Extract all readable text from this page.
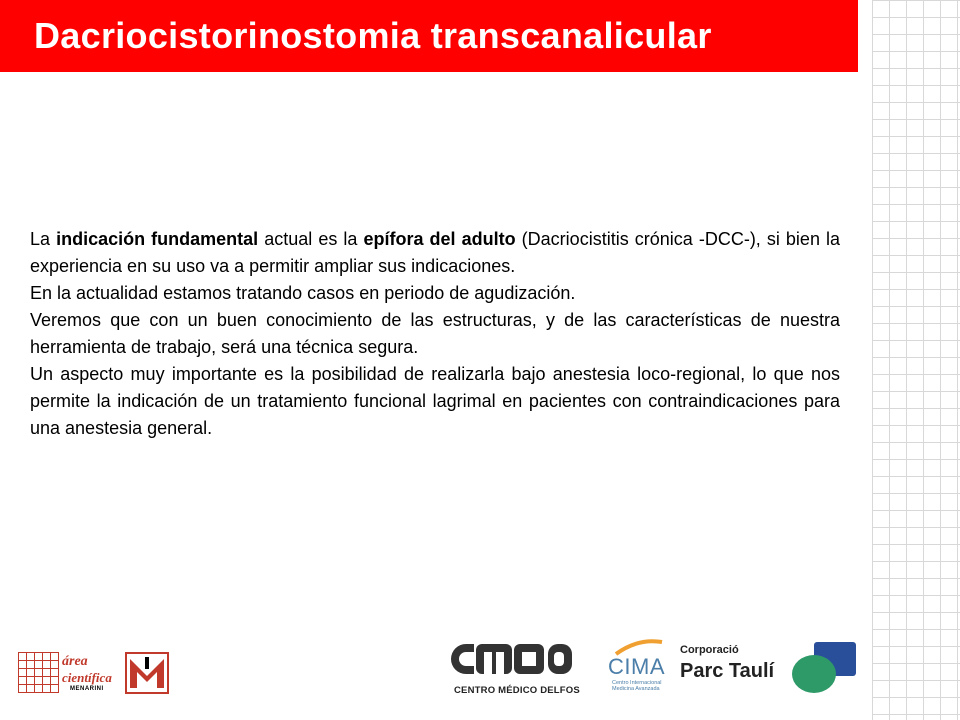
Dacriocistorinostomia transcanalicular

La indicación fundamental actual es la epífora del adulto (Dacriocistitis crónica -DCC-), si bien la experiencia en su uso va a permitir ampliar sus indicaciones.

En la actualidad estamos tratando casos en periodo de agudización.

Veremos que con un buen conocimiento de las estructuras, y de las características de nuestra herramienta de trabajo, será una técnica segura.

Un aspecto muy importante es la posibilidad de realizarla bajo anestesia loco-regional, lo que nos permite la indicación de un tratamiento funcional lagrimal en pacientes con contraindicaciones para una anestesia general.

área
científica
MENARINI	CENTRO MÉDICO DELFOS
CIMA
Centro Internacional
Medicina Avanzada
Corporació
Parc Taulí
